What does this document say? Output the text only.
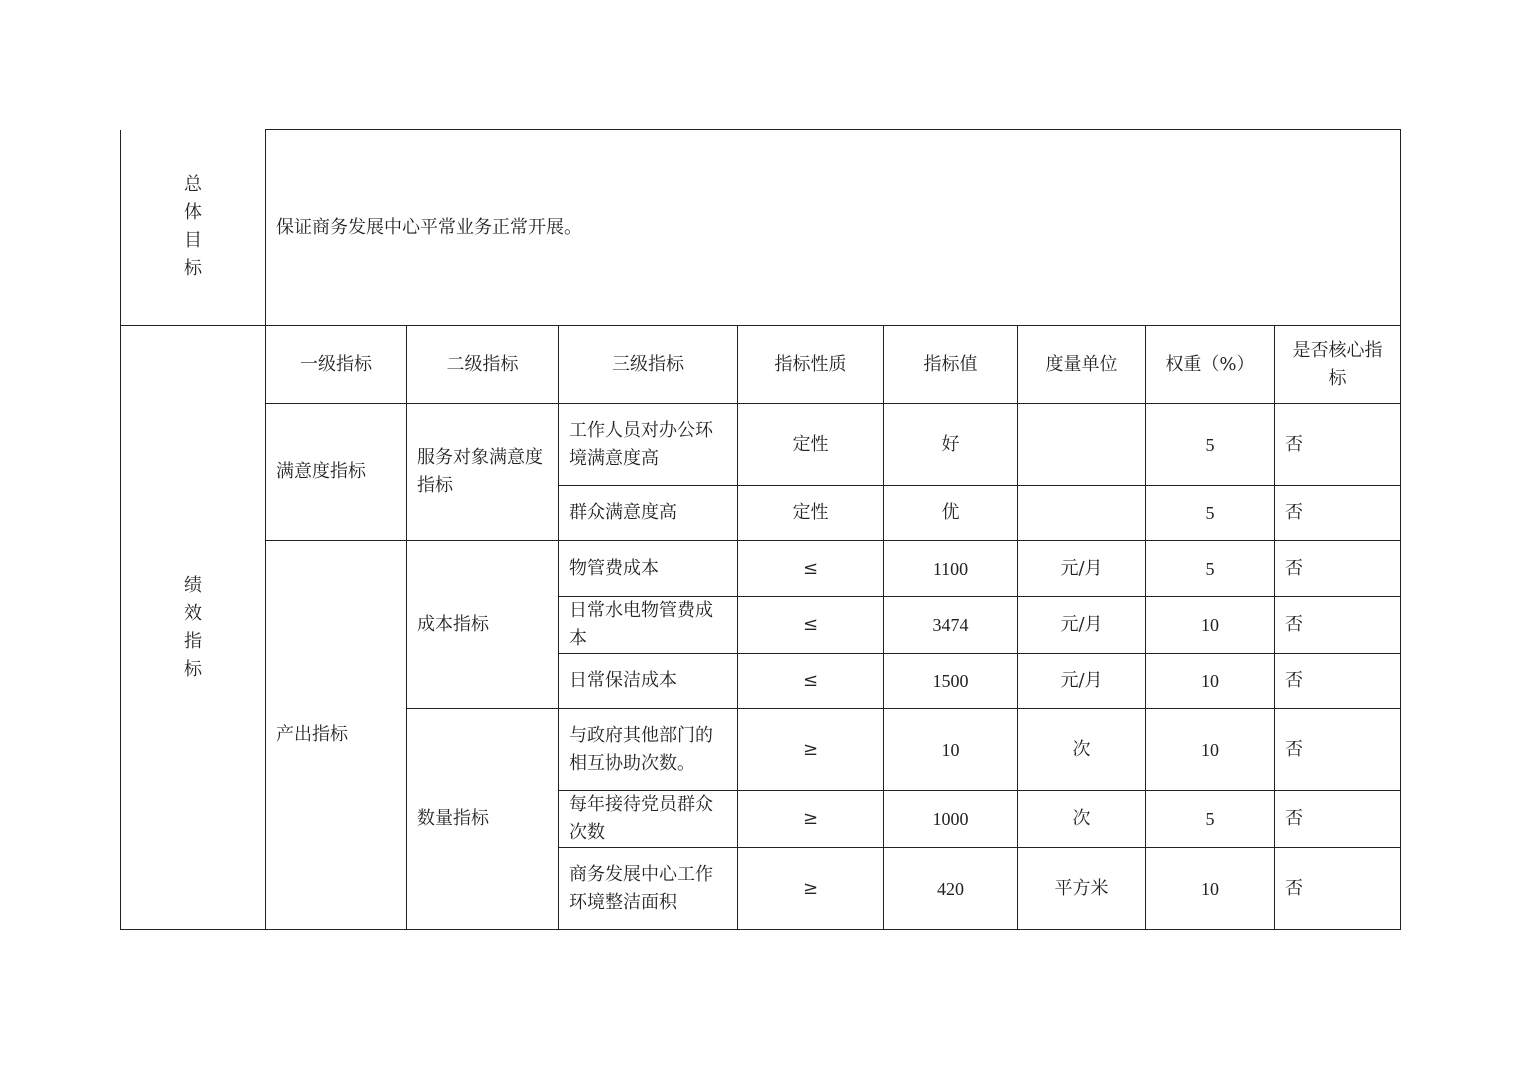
总体目标	保证商务发展中心平常业务正常开展。							

绩效指标	一级指标	二级指标	三级指标	指标性质	指标值	度量单位	权重（%）	是否核心指标
	满意度指标	服务对象满意度指标	工作人员对办公环境满意度高	定性	好		5	否
			群众满意度高	定性	优		5	否
	产出指标	成本指标	物管费成本	≤	1100	元/月	5	否
			日常水电物管费成本	≤	3474	元/月	10	否
			日常保洁成本	≤	1500	元/月	10	否
		数量指标	与政府其他部门的相互协助次数。	≥	10	次	10	否
			每年接待党员群众次数	≥	1000	次	5	否
			商务发展中心工作环境整洁面积	≥	420	平方米	10	否
